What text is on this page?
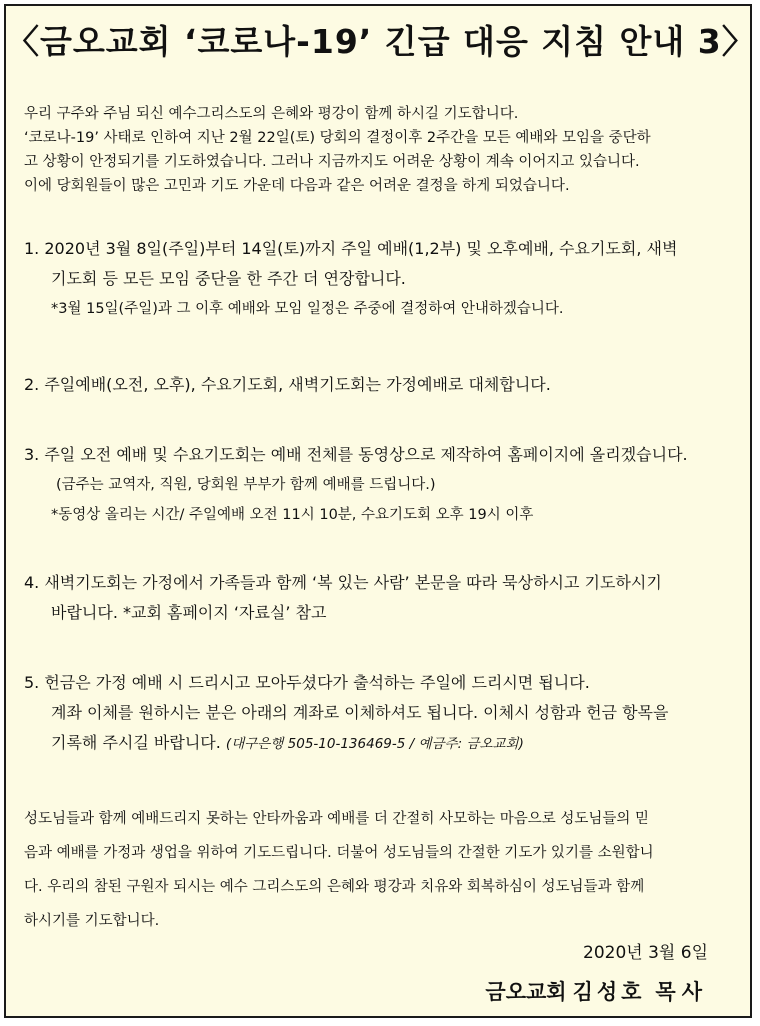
〈금오교회 ‘코로나-19’ 긴급 대응 지침 안내 3〉

우리 구주와 주님 되신 예수그리스도의 은혜와 평강이 함께 하시길 기도합니다.

‘코로나-19’ 사태로 인하여 지난 2월 22일(토) 당회의 결정이후 2주간을 모든 예배와 모임을 중단하

고 상황이 안정되기를 기도하였습니다. 그러나 지금까지도 어려운 상황이 계속 이어지고 있습니다.

이에 당회원들이 많은 고민과 기도 가운데 다음과 같은 어려운 결정을 하게 되었습니다.

1. 2020년 3월 8일(주일)부터 14일(토)까지 주일 예배(1,2부) 및 오후예배, 수요기도회, 새벽
기도회 등 모든 모임 중단을 한 주간 더 연장합니다.
*3월 15일(주일)과 그 이후 예배와 모임 일정은 주중에 결정하여 안내하겠습니다.
2. 주일예배(오전, 오후), 수요기도회, 새벽기도회는 가정예배로 대체합니다.
3. 주일 오전 예배 및 수요기도회는 예배 전체를 동영상으로 제작하여 홈페이지에 올리겠습니다.
(금주는 교역자, 직원, 당회원 부부가 함께 예배를 드립니다.)
*동영상 올리는 시간/ 주일예배 오전 11시 10분, 수요기도회 오후 19시 이후
4. 새벽기도회는 가정에서 가족들과 함께 ‘복 있는 사람’ 본문을 따라 묵상하시고 기도하시기
바랍니다. *교회 홈페이지 ‘자료실’ 참고
5. 헌금은 가정 예배 시 드리시고 모아두셨다가 출석하는 주일에 드리시면 됩니다.
계좌 이체를 원하시는 분은 아래의 계좌로 이체하셔도 됩니다. 이체시 성함과 헌금 항목을
기록해 주시길 바랍니다. (대구은행 505-10-136469-5 / 예금주: 금오교회)
성도님들과 함께 예배드리지 못하는 안타까움과 예배를 더 간절히 사모하는 마음으로 성도님들의 믿
음과 예배를 가정과 생업을 위하여 기도드립니다. 더불어 성도님들의 간절한 기도가 있기를 소원합니
다. 우리의 참된 구원자 되시는 예수 그리스도의 은혜와 평강과 치유와 회복하심이 성도님들과 함께
하시기를 기도합니다.
2020년 3월 6일
금오교회 김성호 목사
